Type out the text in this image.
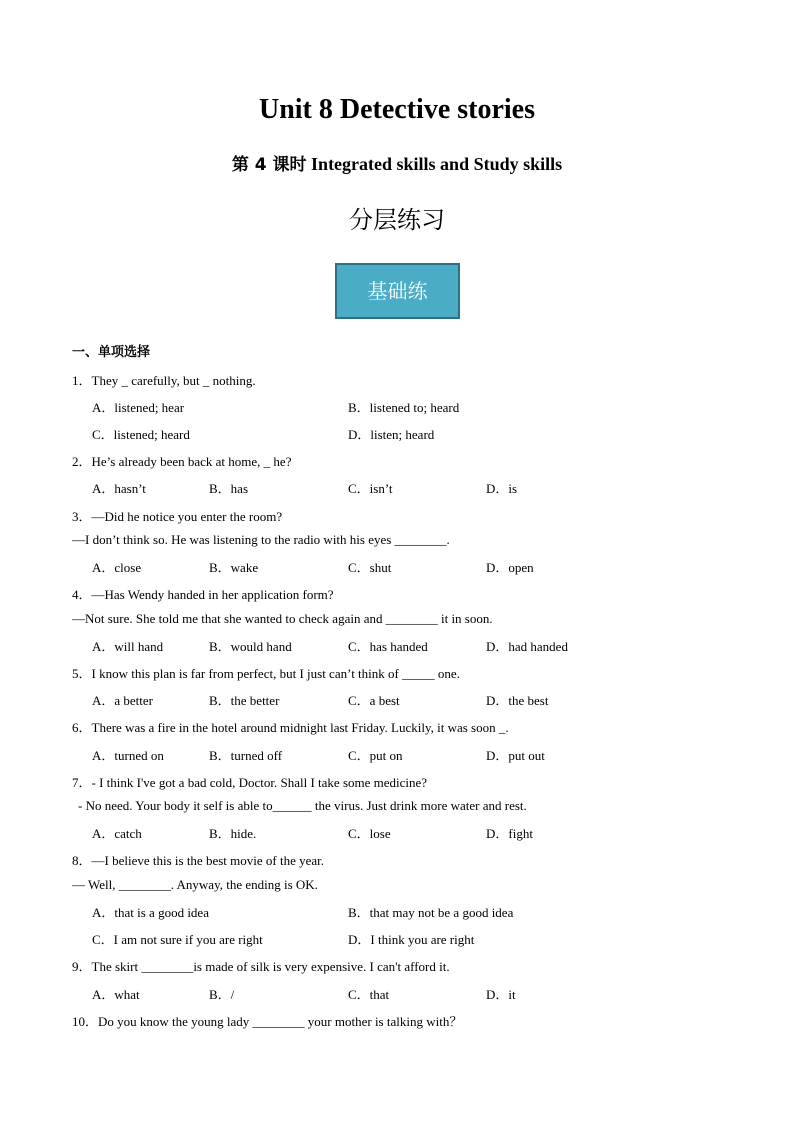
Unit 8 Detective stories
第 4 课时 Integrated skills and Study skills
分层练习
基础练
一、单项选择
1．They _ carefully, but _ nothing.
A．listened; hear	B．listened to; heard
C．listened; heard	D．listen; heard
2．He’s already been back at home, _ he?
A．hasn’t	B．has	C．isn’t	D．is
3．—Did he notice you enter the room?
—I don’t think so. He was listening to the radio with his eyes ________.
A．close	B．wake	C．shut	D．open
4．—Has Wendy handed in her application form?
—Not sure. She told me that she wanted to check again and ________ it in soon.
A．will hand	B．would hand	C．has handed	D．had handed
5．I know this plan is far from perfect, but I just can’t think of _____ one.
A．a better	B．the better	C．a best	D．the best
6．There was a fire in the hotel around midnight last Friday. Luckily, it was soon _.
A．turned on	B．turned off	C．put on	D．put out
7．- I think I've got a bad cold, Doctor. Shall I take some medicine?
- No need. Your body it self is able to______ the virus. Just drink more water and rest.
A．catch	B．hide.	C．lose	D．fight
8．—I believe this is the best movie of the year.
— Well, ________. Anyway, the ending is OK.
A．that is a good idea	B．that may not be a good idea
C．I am not sure if you are right	D．I think you are right
9．The skirt ________is made of silk is very expensive. I can't afford it.
A．what	B．/	C．that	D．it
10．Do you know the young lady ________ your mother is talking with？
